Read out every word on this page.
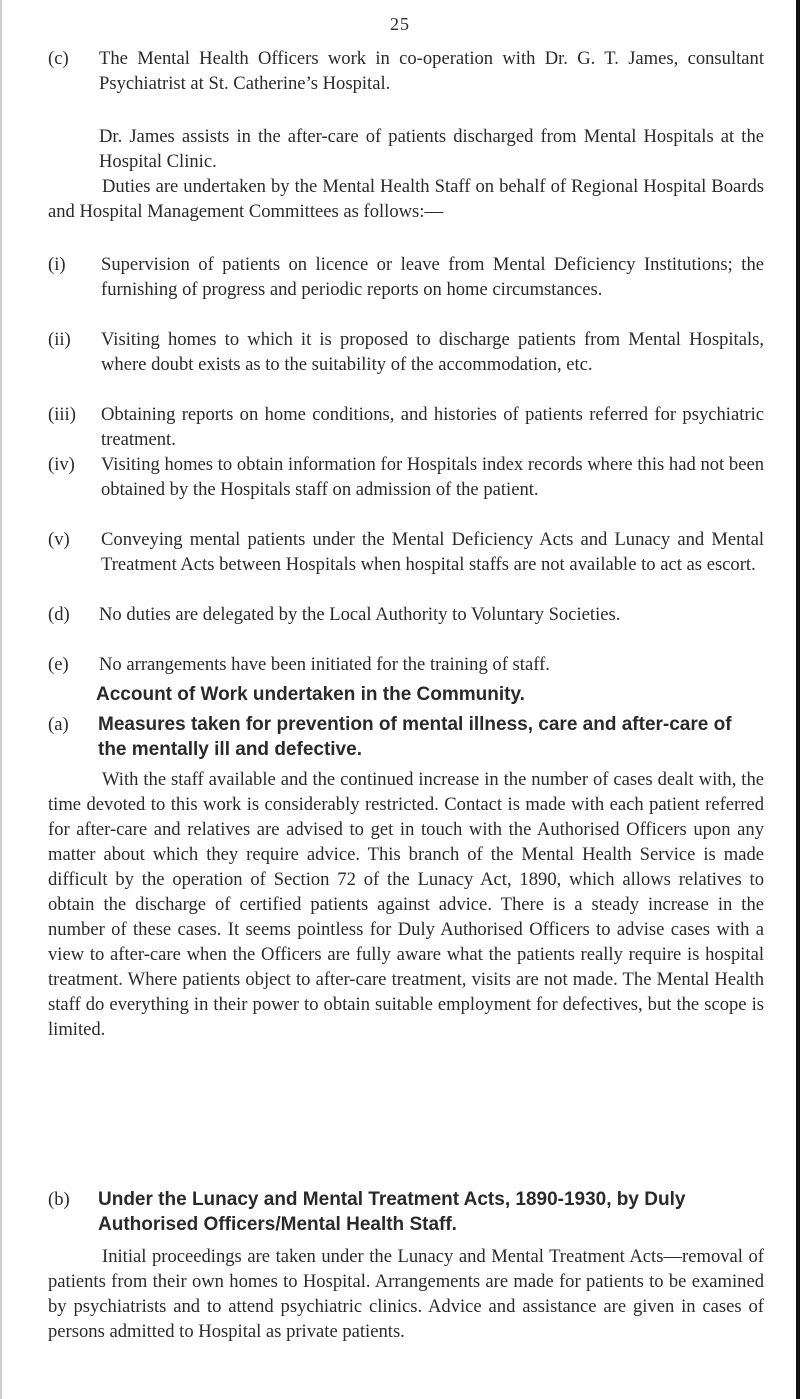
25
(c)	The Mental Health Officers work in co-operation with Dr. G. T. James, consultant Psychiatrist at St. Catherine’s Hospital.
Dr. James assists in the after-care of patients discharged from Mental Hospitals at the Hospital Clinic.
Duties are undertaken by the Mental Health Staff on behalf of Regional Hospital Boards and Hospital Management Committees as follows:—
(i)	Supervision of patients on licence or leave from Mental Deficiency Institutions; the furnishing of progress and periodic reports on home circumstances.
(ii)	Visiting homes to which it is proposed to discharge patients from Mental Hospitals, where doubt exists as to the suitability of the accommodation, etc.
(iii)	Obtaining reports on home conditions, and histories of patients referred for psychiatric treatment.
(iv)	Visiting homes to obtain information for Hospitals index records where this had not been obtained by the Hospitals staff on admission of the patient.
(v)	Conveying mental patients under the Mental Deficiency Acts and Lunacy and Mental Treatment Acts between Hospitals when hospital staffs are not available to act as escort.
(d)	No duties are delegated by the Local Authority to Voluntary Societies.
(e)	No arrangements have been initiated for the training of staff.
Account of Work undertaken in the Community.
(a) Measures taken for prevention of mental illness, care and after-care of the mentally ill and defective.
With the staff available and the continued increase in the number of cases dealt with, the time devoted to this work is considerably restricted. Contact is made with each patient referred for after-care and relatives are advised to get in touch with the Authorised Officers upon any matter about which they require advice. This branch of the Mental Health Service is made difficult by the operation of Section 72 of the Lunacy Act, 1890, which allows relatives to obtain the discharge of certified patients against advice. There is a steady increase in the number of these cases. It seems pointless for Duly Authorised Officers to advise cases with a view to after-care when the Officers are fully aware what the patients really require is hospital treatment. Where patients object to after-care treatment, visits are not made. The Mental Health staff do everything in their power to obtain suitable employment for defectives, but the scope is limited.
(b) Under the Lunacy and Mental Treatment Acts, 1890-1930, by Duly Authorised Officers/Mental Health Staff.
Initial proceedings are taken under the Lunacy and Mental Treatment Acts—removal of patients from their own homes to Hospital. Arrangements are made for patients to be examined by psychiatrists and to attend psychiatric clinics. Advice and assistance are given in cases of persons admitted to Hospital as private patients.
